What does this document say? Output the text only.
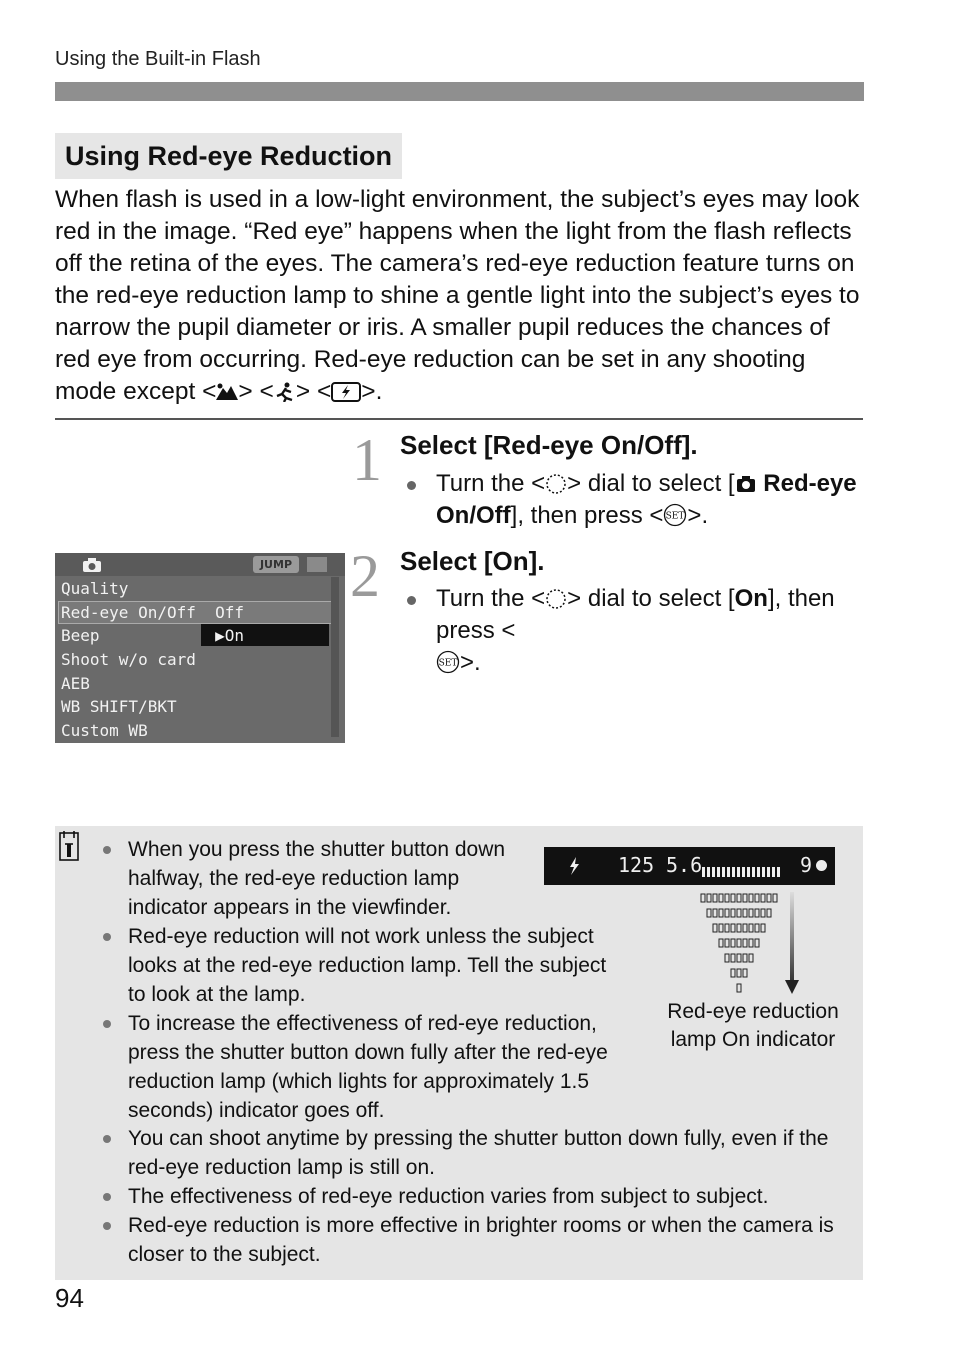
Using the Built-in Flash
Using Red-eye Reduction
When flash is used in a low-light environment, the subject’s eyes may look red in the image. “Red eye” happens when the light from the flash reflects off the retina of the eyes. The camera’s red-eye reduction feature turns on the red-eye reduction lamp to shine a gentle light into the subject’s eyes to narrow the pupil diameter or iris. A smaller pupil reduces the chances of red eye from occurring. Red-eye reduction can be set in any shooting mode except < > < > < >.
1 Select [Red-eye On/Off].
Turn the < > dial to select [ Red-eye On/Off], then press < SET >.
2 Select [On].
Turn the < > dial to select [On], then press <

SET >.
JUMP
Quality
Red-eye On/Off  Off
Beep            ▶On
Shoot w/o card
AEB
WB SHIFT/BKT
Custom WB
When you press the shutter button down halfway, the red-eye reduction lamp indicator appears in the viewfinder.
Red-eye reduction will not work unless the subject looks at the red-eye reduction lamp. Tell the subject to look at the lamp.
To increase the effectiveness of red-eye reduction, press the shutter button down fully after the red-eye reduction lamp (which lights for approximately 1.5 seconds) indicator goes off.
You can shoot anytime by pressing the shutter button down fully, even if the red-eye reduction lamp is still on.
The effectiveness of red-eye reduction varies from subject to subject.
Red-eye reduction is more effective in brighter rooms or when the camera is closer to the subject.
125 5.6	9
Red-eye reduction lamp On indicator
94
